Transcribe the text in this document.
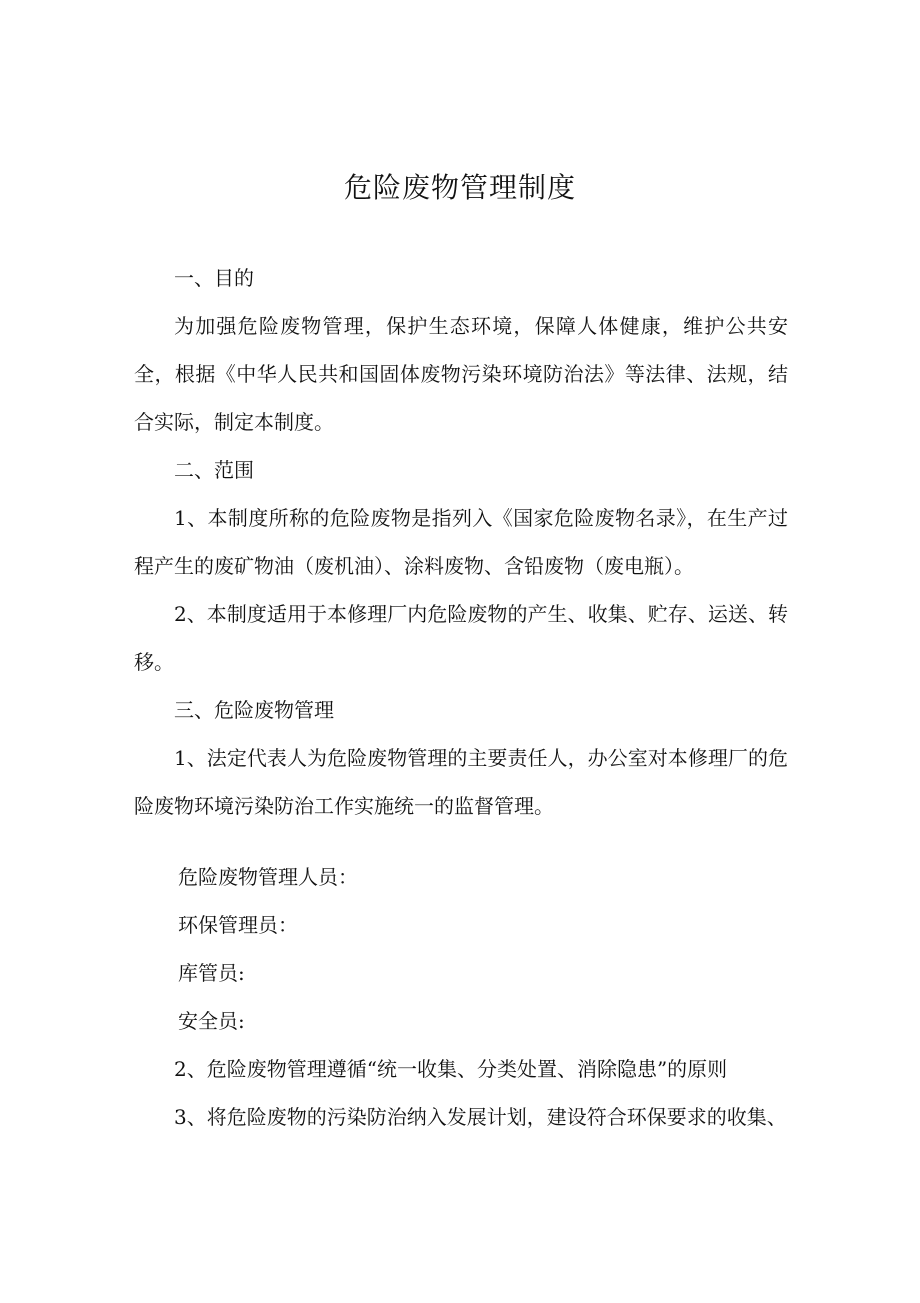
危险废物管理制度

一、目的

为加强危险废物管理，保护生态环境，保障人体健康，维护公共安全，根据《中华人民共和国固体废物污染环境防治法》等法律、法规，结合实际，制定本制度。

二、范围

1、本制度所称的危险废物是指列入《国家危险废物名录》，在生产过程产生的废矿物油（废机油）、涂料废物、含铅废物（废电瓶）。

2、本制度适用于本修理厂内危险废物的产生、收集、贮存、运送、转移。

三、危险废物管理

1、法定代表人为危险废物管理的主要责任人，办公室对本修理厂的危险废物环境污染防治工作实施统一的监督管理。

危险废物管理人员：

环保管理员：

库管员:

安全员:

2、危险废物管理遵循“统一收集、分类处置、消除隐患”的原则

3、将危险废物的污染防治纳入发展计划，建设符合环保要求的收集、
